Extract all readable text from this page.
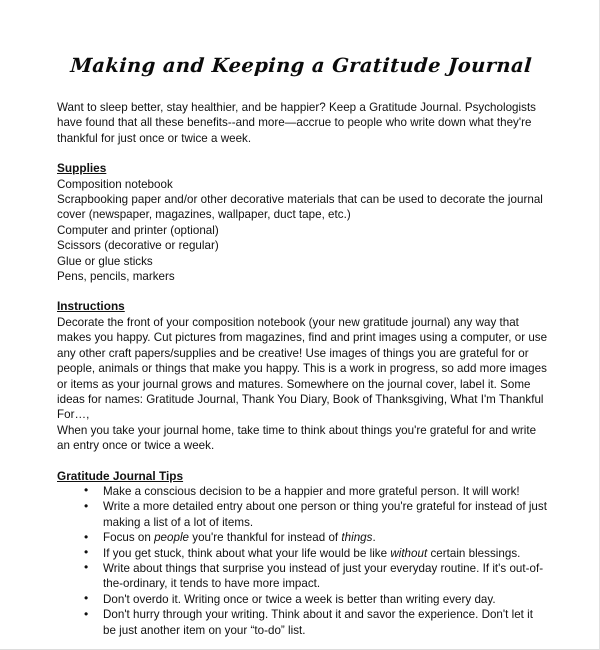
Making and Keeping a Gratitude Journal

Want to sleep better, stay healthier, and be happier? Keep a Gratitude Journal. Psychologists have found that all these benefits--and more—accrue to people who write down what they're thankful for just once or twice a week.

Supplies
Composition notebook
Scrapbooking paper and/or other decorative materials that can be used to decorate the journal cover (newspaper, magazines, wallpaper, duct tape, etc.)
Computer and printer (optional)
Scissors (decorative or regular)
Glue or glue sticks
Pens, pencils, markers
Instructions

Decorate the front of your composition notebook (your new gratitude journal) any way that makes you happy. Cut pictures from magazines, find and print images using a computer, or use any other craft papers/supplies and be creative! Use images of things you are grateful for or people, animals or things that make you happy. This is a work in progress, so add more images or items as your journal grows and matures. Somewhere on the journal cover, label it. Some ideas for names: Gratitude Journal, Thank You Diary, Book of Thanksgiving, What I'm Thankful For…,

When you take your journal home, take time to think about things you're grateful for and write an entry once or twice a week.

Gratitude Journal Tips
• Make a conscious decision to be a happier and more grateful person. It will work!
• Write a more detailed entry about one person or thing you're grateful for instead of just making a list of a lot of items.
• Focus on people you're thankful for instead of things.
• If you get stuck, think about what your life would be like without certain blessings.
• Write about things that surprise you instead of just your everyday routine. If it's out-of-the-ordinary, it tends to have more impact.
• Don't overdo it. Writing once or twice a week is better than writing every day.
• Don't hurry through your writing. Think about it and savor the experience. Don't let it be just another item on your “to-do” list.
